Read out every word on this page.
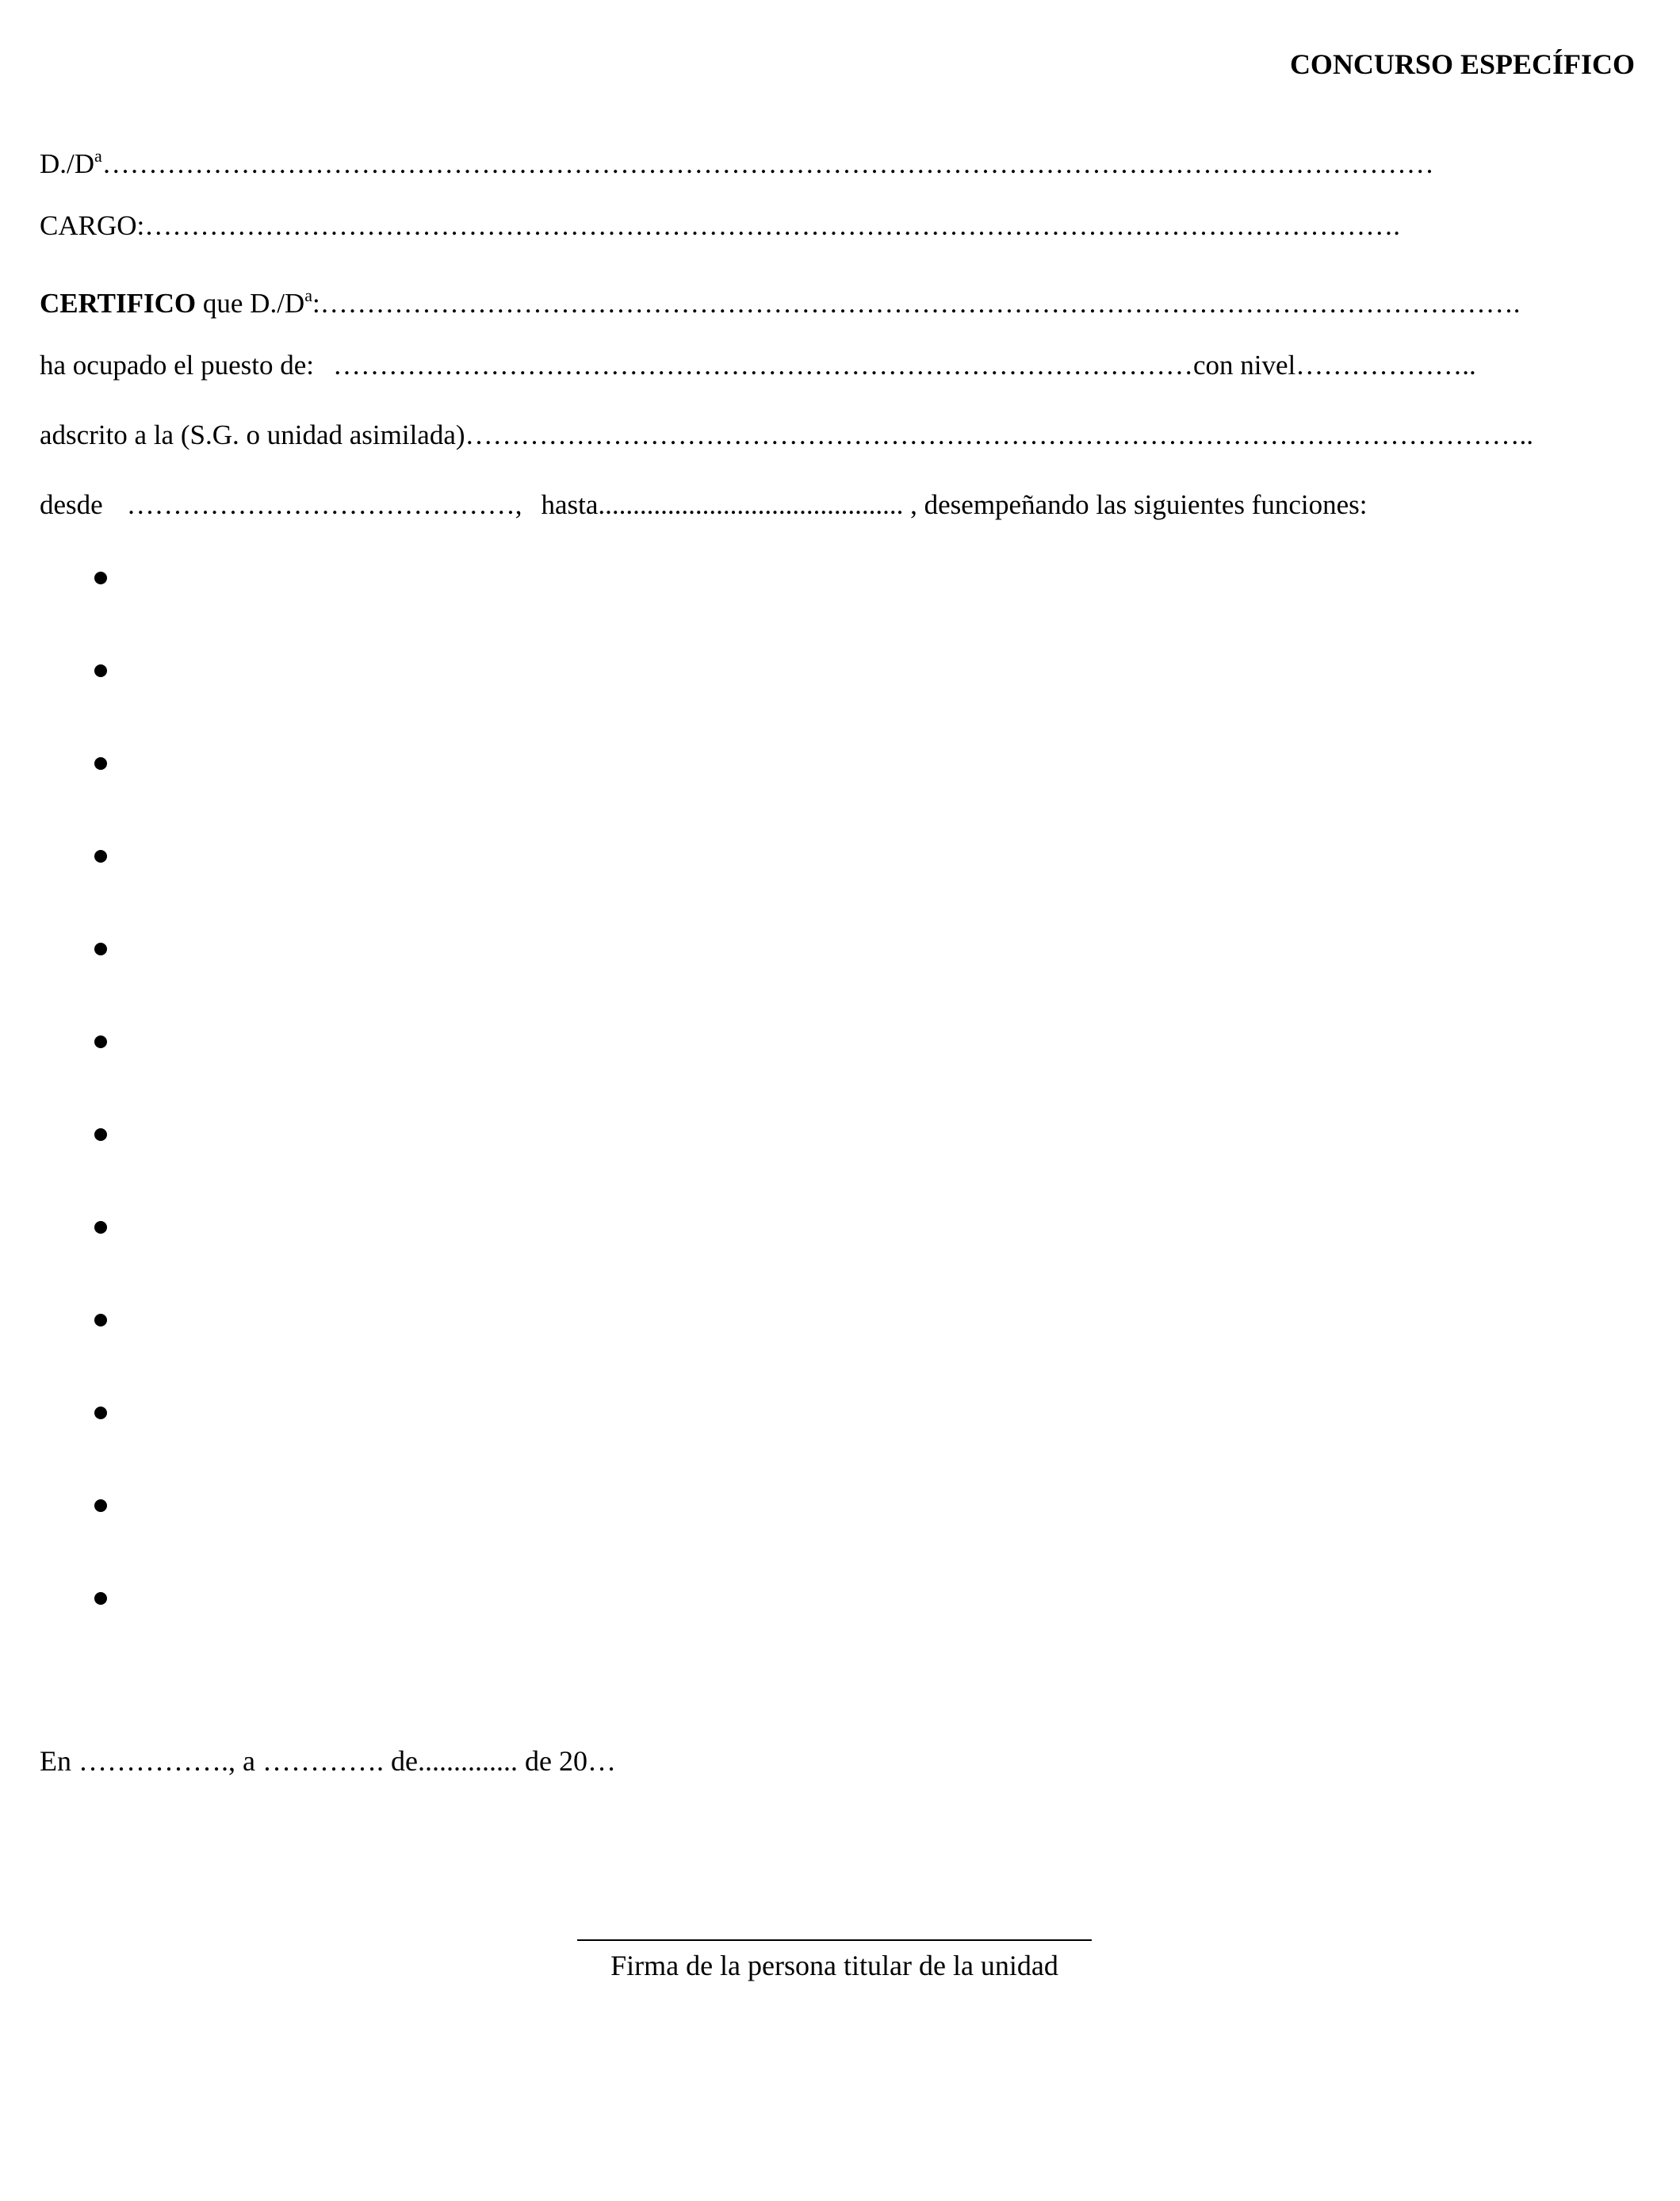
CONCURSO ESPECÍFICO
$D./D^a\dots\dots\dots\dots\dots\dots\dots\dots\dots\dots\dots\dots\dots\dots\dots\dots\dots\dots\dots\dots\dots\dots\dots\dots\dots\dots\dots\dots\dots\dots\dots\dots\dots\dots\dots\dots\dots\dots\dots\dots\dots\dots\dots\dots\dots\dots\dots\dots$
CARGO:……………………………………………………………………………………………………………………….
CERTIFICO que $D./D^a:\dots\dots\dots\dots\dots\dots\dots\dots\dots\dots\dots\dots\dots\dots\dots\dots\dots\dots\dots\dots\dots\dots\dots\dots\dots\dots\dots\dots\dots\dots\dots\dots\dots\dots\dots\dots\dots\dots\dots\dots\dots\dots\dots$.
ha ocupado el puesto de: …………………………………………………………………………………con nivel………………..
adscrito a la (S.G. o unidad asimilada)……………………………………………………………………………………………………..
desde ……………………………………, hasta............................................ , desempeñando las siguientes funciones:
En ……………., a …………. de.............. de 20…
Firma de la persona titular de la unidad
